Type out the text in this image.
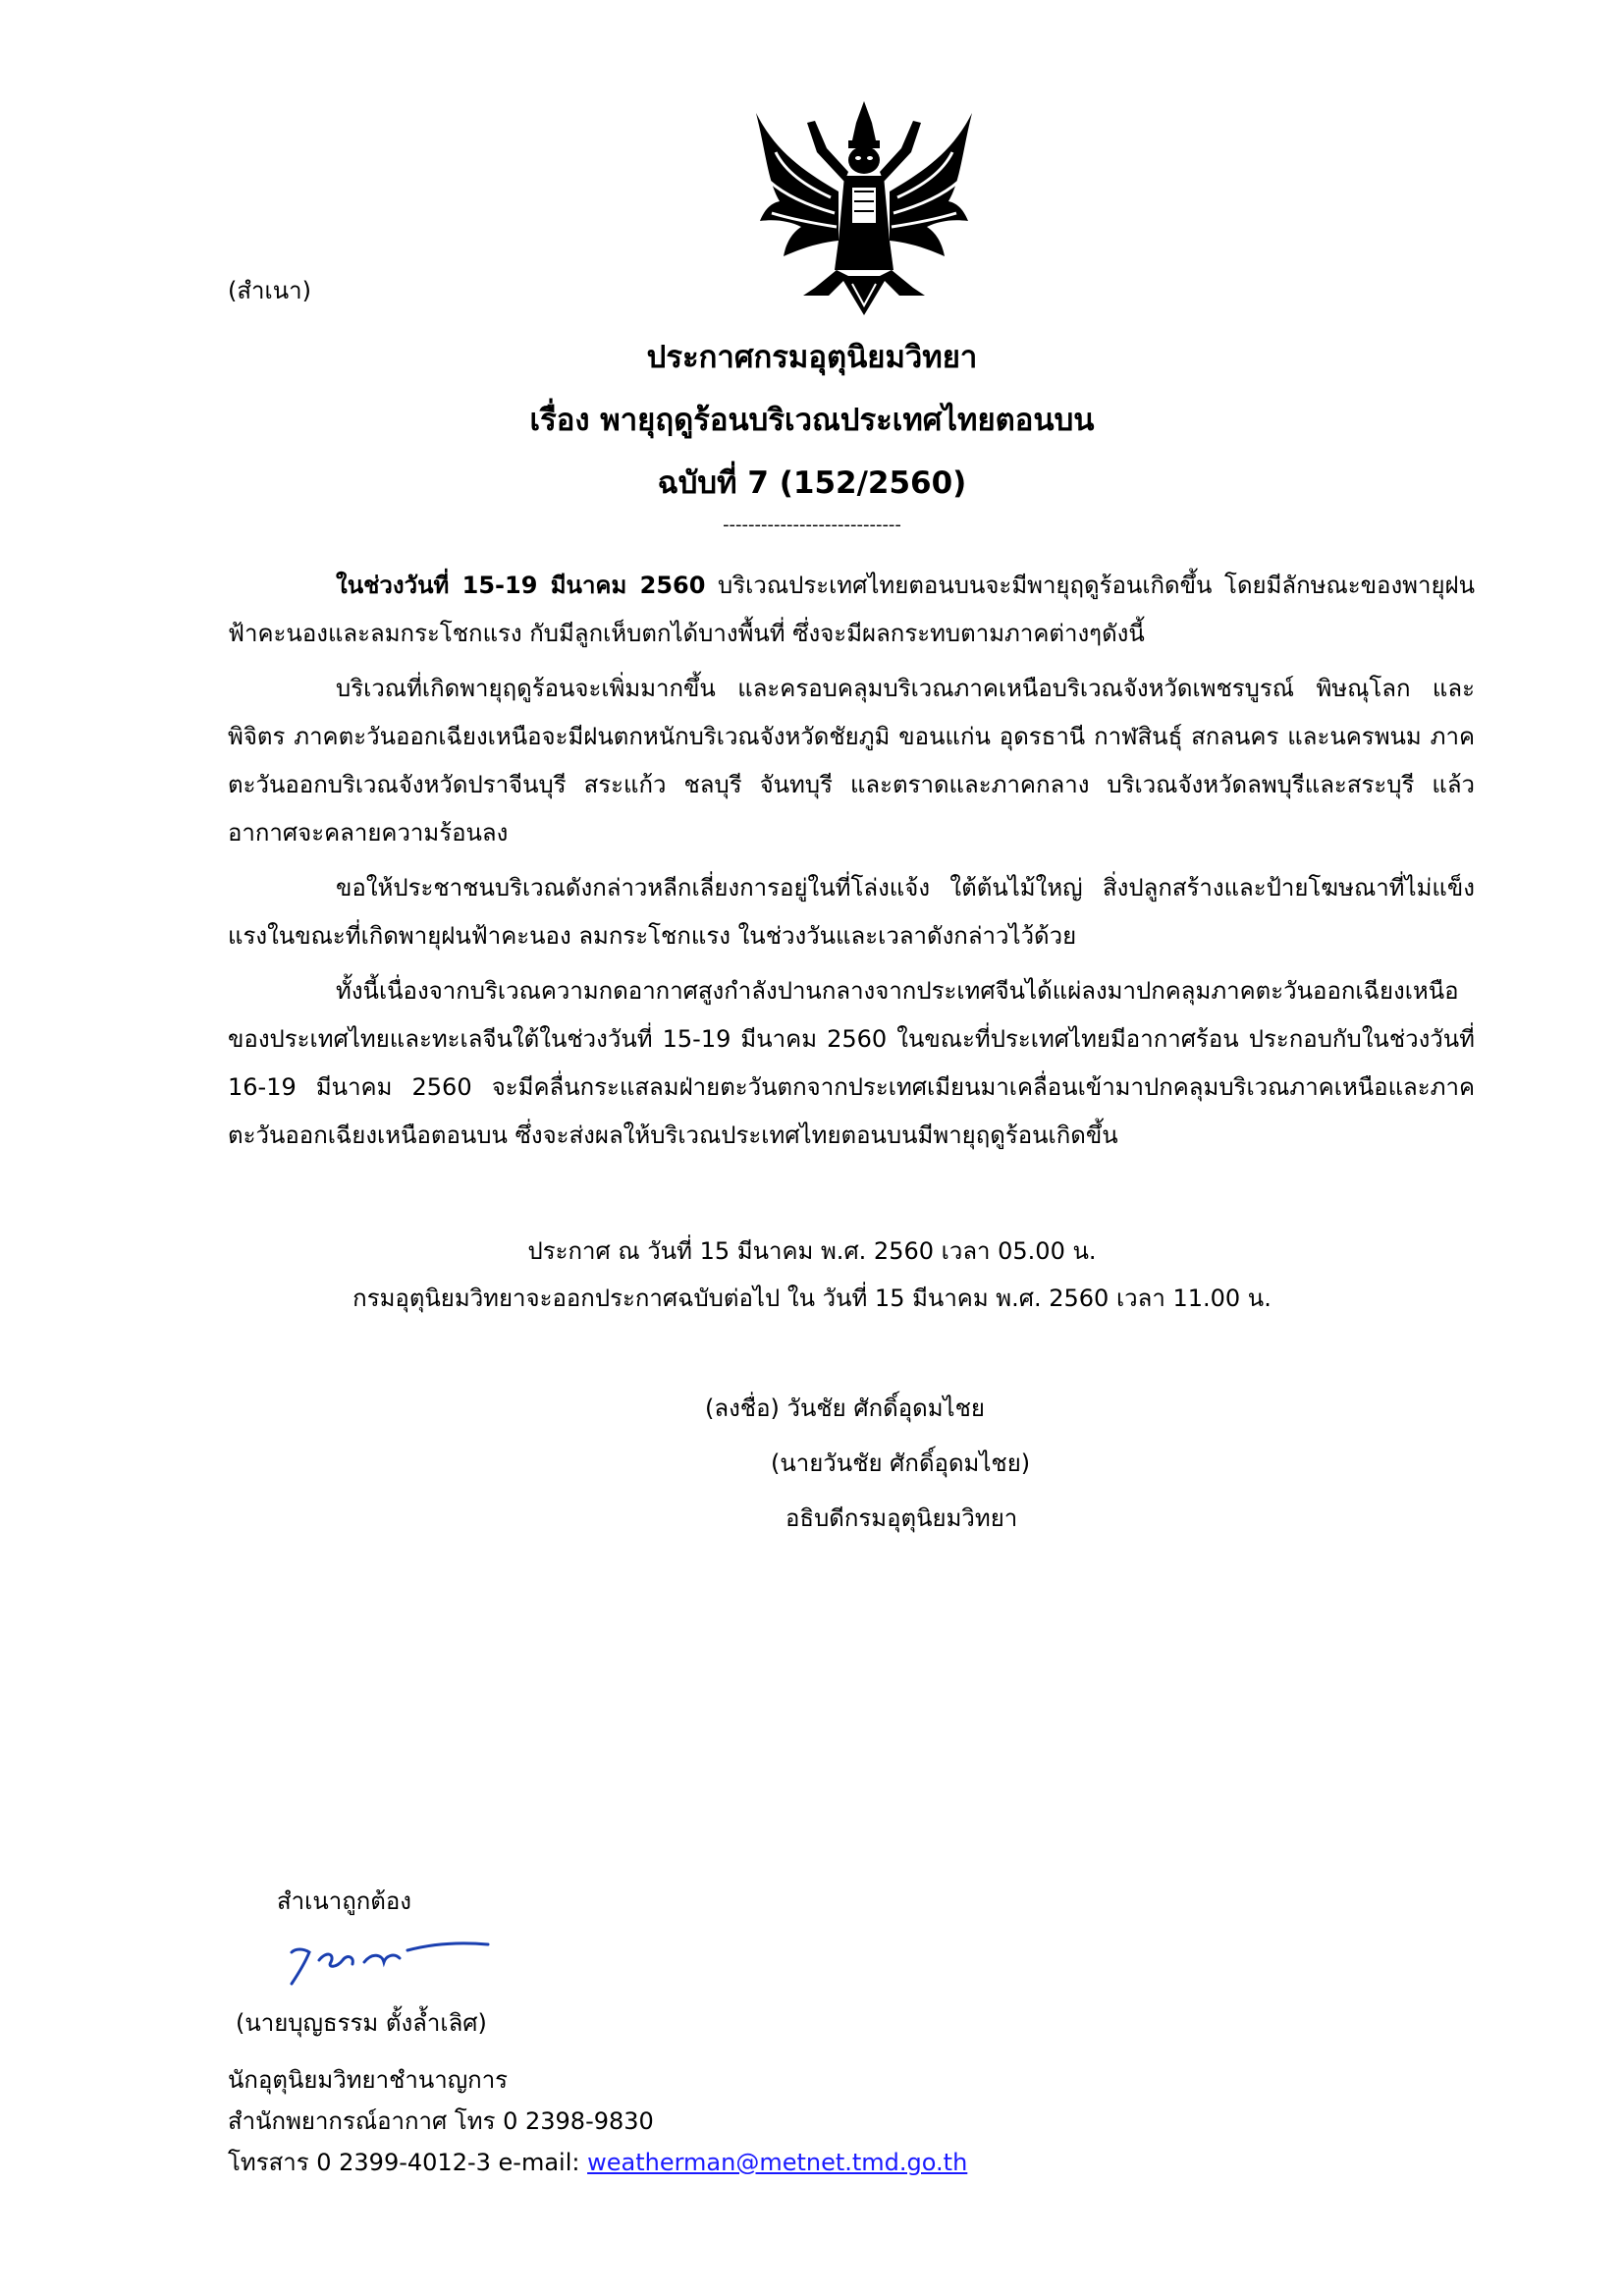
(สำเนา)
ประกาศกรมอุตุนิยมวิทยา
เรื่อง พายุฤดูร้อนบริเวณประเทศไทยตอนบน
ฉบับที่ 7 (152/2560)
----------------------------

ในช่วงวันที่ 15-19 มีนาคม 2560 บริเวณประเทศไทยตอนบนจะมีพายุฤดูร้อนเกิดขึ้น โดยมีลักษณะของพายุฝนฟ้าคะนองและลมกระโชกแรง กับมีลูกเห็บตกได้บางพื้นที่ ซึ่งจะมีผลกระทบตามภาคต่างๆดังนี้

บริเวณที่เกิดพายุฤดูร้อนจะเพิ่มมากขึ้น และครอบคลุมบริเวณภาคเหนือบริเวณจังหวัดเพชรบูรณ์ พิษณุโลก และพิจิตร ภาคตะวันออกเฉียงเหนือจะมีฝนตกหนักบริเวณจังหวัดชัยภูมิ ขอนแก่น อุดรธานี กาฬสินธุ์ สกลนคร และนครพนม ภาคตะวันออกบริเวณจังหวัดปราจีนบุรี สระแก้ว ชลบุรี จันทบุรี และตราดและภาคกลาง บริเวณจังหวัดลพบุรีและสระบุรี แล้วอากาศจะคลายความร้อนลง

ขอให้ประชาชนบริเวณดังกล่าวหลีกเลี่ยงการอยู่ในที่โล่งแจ้ง ใต้ต้นไม้ใหญ่ สิ่งปลูกสร้างและป้ายโฆษณาที่ไม่แข็งแรงในขณะที่เกิดพายุฝนฟ้าคะนอง ลมกระโชกแรง ในช่วงวันและเวลาดังกล่าวไว้ด้วย

ทั้งนี้เนื่องจากบริเวณความกดอากาศสูงกำลังปานกลางจากประเทศจีนได้แผ่ลงมาปกคลุมภาคตะวันออกเฉียงเหนือของประเทศไทยและทะเลจีนใต้ในช่วงวันที่ 15-19 มีนาคม 2560 ในขณะที่ประเทศไทยมีอากาศร้อน ประกอบกับในช่วงวันที่ 16-19 มีนาคม 2560 จะมีคลื่นกระแสลมฝ่ายตะวันตกจากประเทศเมียนมาเคลื่อนเข้ามาปกคลุมบริเวณภาคเหนือและภาคตะวันออกเฉียงเหนือตอนบน ซึ่งจะส่งผลให้บริเวณประเทศไทยตอนบนมีพายุฤดูร้อนเกิดขึ้น

ประกาศ ณ วันที่ 15 มีนาคม พ.ศ. 2560 เวลา 05.00 น.
กรมอุตุนิยมวิทยาจะออกประกาศฉบับต่อไป ใน วันที่ 15 มีนาคม พ.ศ. 2560 เวลา 11.00 น.
(ลงชื่อ) วันชัย ศักดิ์อุดมไชย
(นายวันชัย ศักดิ์อุดมไชย)
อธิบดีกรมอุตุนิยมวิทยา
สำเนาถูกต้อง
(นายบุญธรรม ตั้งล้ำเลิศ)
นักอุตุนิยมวิทยาชำนาญการ
สำนักพยากรณ์อากาศ โทร 0 2398-9830
โทรสาร 0 2399-4012-3 e-mail: weatherman@metnet.tmd.go.th
